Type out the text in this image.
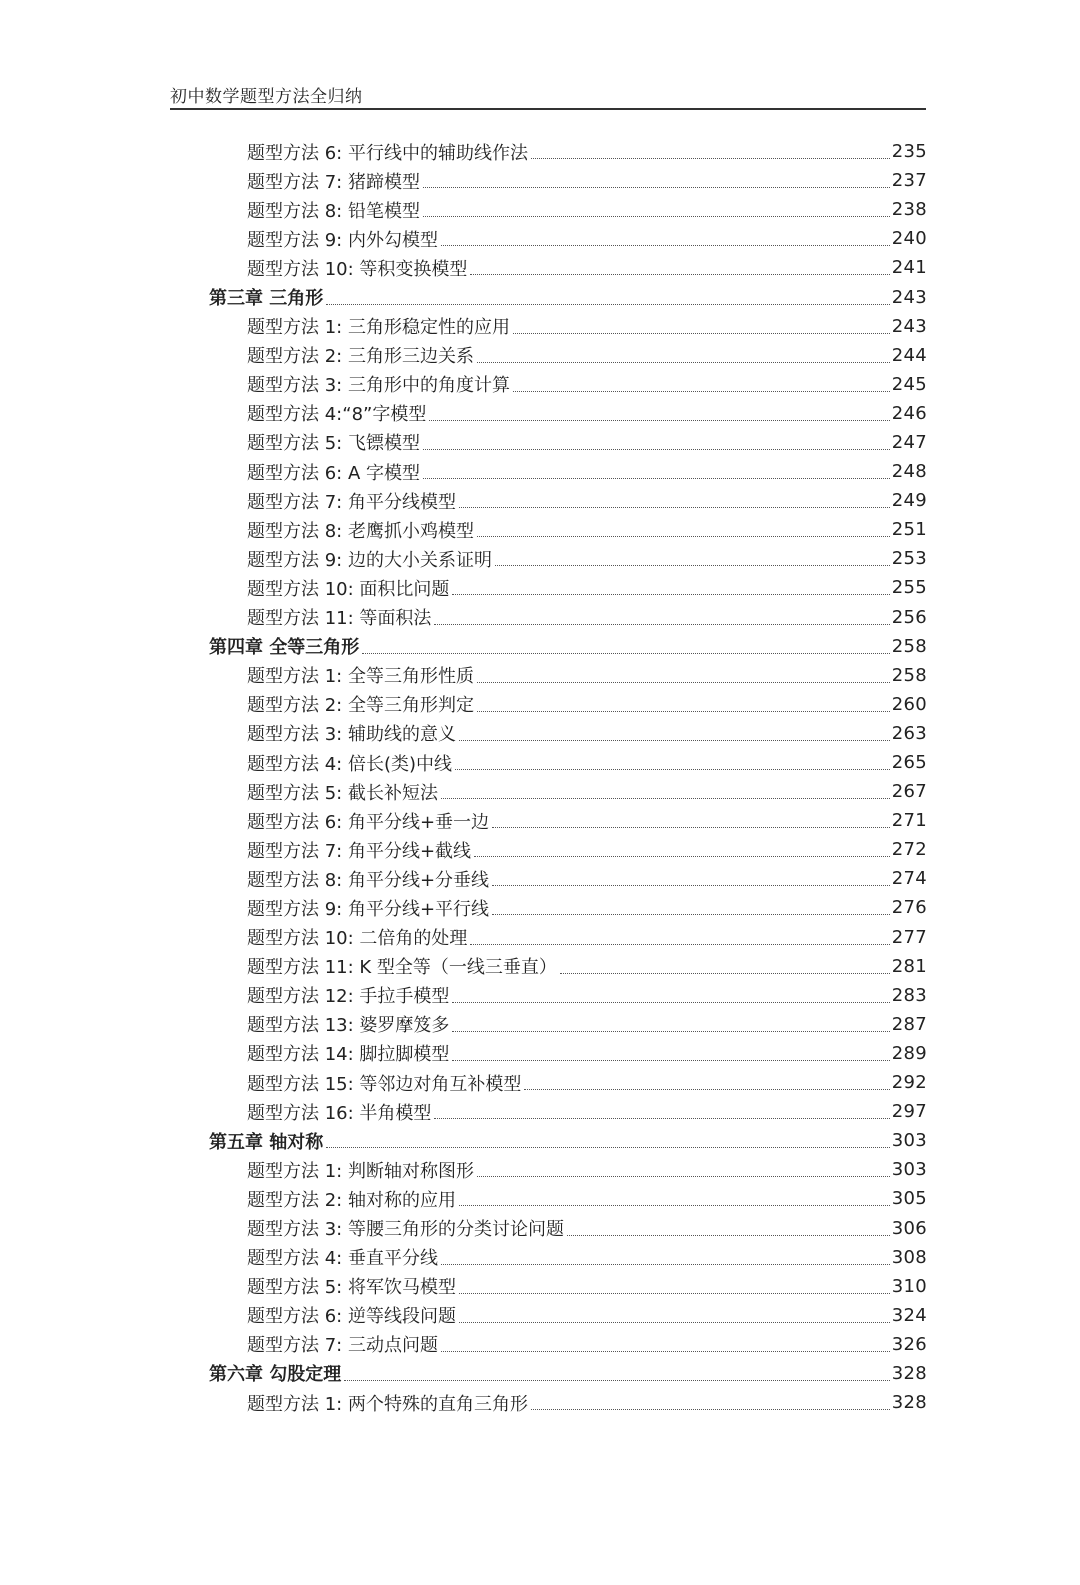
初中数学题型方法全归纳
题型方法 6: 平行线中的辅助线作法	235
题型方法 7: 猪蹄模型	237
题型方法 8: 铅笔模型	238
题型方法 9: 内外勾模型	240
题型方法 10: 等积变换模型	241
第三章 三角形	243
题型方法 1: 三角形稳定性的应用	243
题型方法 2: 三角形三边关系	244
题型方法 3: 三角形中的角度计算	245
题型方法 4:“8”字模型	246
题型方法 5: 飞镖模型	247
题型方法 6: A 字模型	248
题型方法 7: 角平分线模型	249
题型方法 8: 老鹰抓小鸡模型	251
题型方法 9: 边的大小关系证明	253
题型方法 10: 面积比问题	255
题型方法 11: 等面积法	256
第四章 全等三角形	258
题型方法 1: 全等三角形性质	258
题型方法 2: 全等三角形判定	260
题型方法 3: 辅助线的意义	263
题型方法 4: 倍长(类)中线	265
题型方法 5: 截长补短法	267
题型方法 6: 角平分线+垂一边	271
题型方法 7: 角平分线+截线	272
题型方法 8: 角平分线+分垂线	274
题型方法 9: 角平分线+平行线	276
题型方法 10: 二倍角的处理	277
题型方法 11: K 型全等（一线三垂直）	281
题型方法 12: 手拉手模型	283
题型方法 13: 婆罗摩笈多	287
题型方法 14: 脚拉脚模型	289
题型方法 15: 等邻边对角互补模型	292
题型方法 16: 半角模型	297
第五章 轴对称	303
题型方法 1: 判断轴对称图形	303
题型方法 2: 轴对称的应用	305
题型方法 3: 等腰三角形的分类讨论问题	306
题型方法 4: 垂直平分线	308
题型方法 5: 将军饮马模型	310
题型方法 6: 逆等线段问题	324
题型方法 7: 三动点问题	326
第六章 勾股定理	328
题型方法 1: 两个特殊的直角三角形	328
